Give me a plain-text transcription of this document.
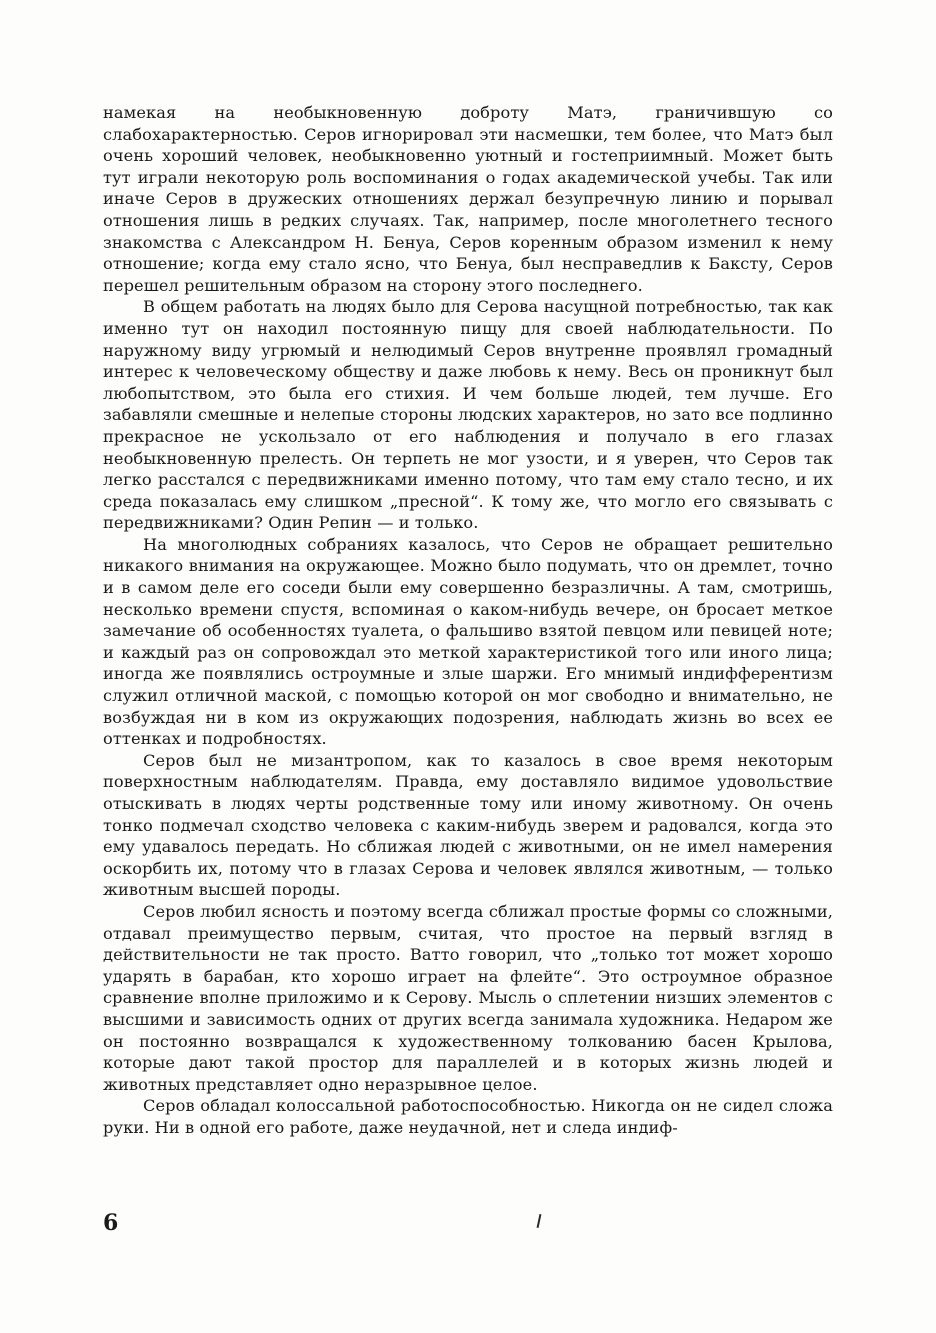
намекая на необыкновенную доброту Матэ, граничившую со слабохарактерностью. Серов игнорировал эти насмешки, тем более, что Матэ был очень хороший человек, необыкновенно уютный и гостеприимный. Может быть тут играли некоторую роль воспоминания о годах академической учебы. Так или иначе Серов в дружеских отношениях держал безупречную линию и порывал отношения лишь в редких случаях. Так, например, после многолетнего тесного знакомства с Александром Н. Бенуа, Серов коренным образом изменил к нему отношение; когда ему стало ясно, что Бенуа, был несправедлив к Баксту, Серов перешел решительным образом на сторону этого последнего.

В общем работать на людях было для Серова насущной потребностью, так как именно тут он находил постоянную пищу для своей наблюдательности. По наружному виду угрюмый и нелюдимый Серов внутренне проявлял громадный интерес к человеческому обществу и даже любовь к нему. Весь он проникнут был любопытством, это была его стихия. И чем больше людей, тем лучше. Его забавляли смешные и нелепые стороны людских характеров, но зато все подлинно прекрасное не ускользало от его наблюдения и получало в его глазах необыкновенную прелесть. Он терпеть не мог узости, и я уверен, что Серов так легко расстался с передвижниками именно потому, что там ему стало тесно, и их среда показалась ему слишком „пресной“. К тому же, что могло его связывать с передвижниками? Один Репин — и только.

На многолюдных собраниях казалось, что Серов не обращает решительно никакого внимания на окружающее. Можно было подумать, что он дремлет, точно и в самом деле его соседи были ему совершенно безразличны. А там, смотришь, несколько времени спустя, вспоминая о каком-нибудь вечере, он бросает меткое замечание об особенностях туалета, о фальшиво взятой певцом или певицей ноте; и каждый раз он сопровождал это меткой характеристикой того или иного лица; иногда же появлялись остроумные и злые шаржи. Его мнимый индифферентизм служил отличной маской, с помощью которой он мог свободно и внимательно, не возбуждая ни в ком из окружающих подозрения, наблюдать жизнь во всех ее оттенках и подробностях.

Серов был не мизантропом, как то казалось в свое время некоторым поверхностным наблюдателям. Правда, ему доставляло видимое удовольствие отыскивать в людях черты родственные тому или иному животному. Он очень тонко подмечал сходство человека с каким-нибудь зверем и радовался, когда это ему удавалось передать. Но сближая людей с животными, он не имел намерения оскорбить их, потому что в глазах Серова и человек являлся животным, — только животным высшей породы.

Серов любил ясность и поэтому всегда сближал простые формы со сложными, отдавал преимущество первым, считая, что простое на первый взгляд в действительности не так просто. Ватто говорил, что „только тот может хорошо ударять в барабан, кто хорошо играет на флейте“. Это остроумное образное сравнение вполне приложимо и к Серову. Мысль о сплетении низших элементов с высшими и зависимость одних от других всегда занимала художника. Недаром же он постоянно возвращался к художественному толкованию басен Крылова, которые дают такой простор для параллелей и в которых жизнь людей и животных представляет одно неразрывное целое.

Серов обладал колоссальной работоспособностью. Никогда он не сидел сложа руки. Ни в одной его работе, даже неудачной, нет и следа индиф-

6
